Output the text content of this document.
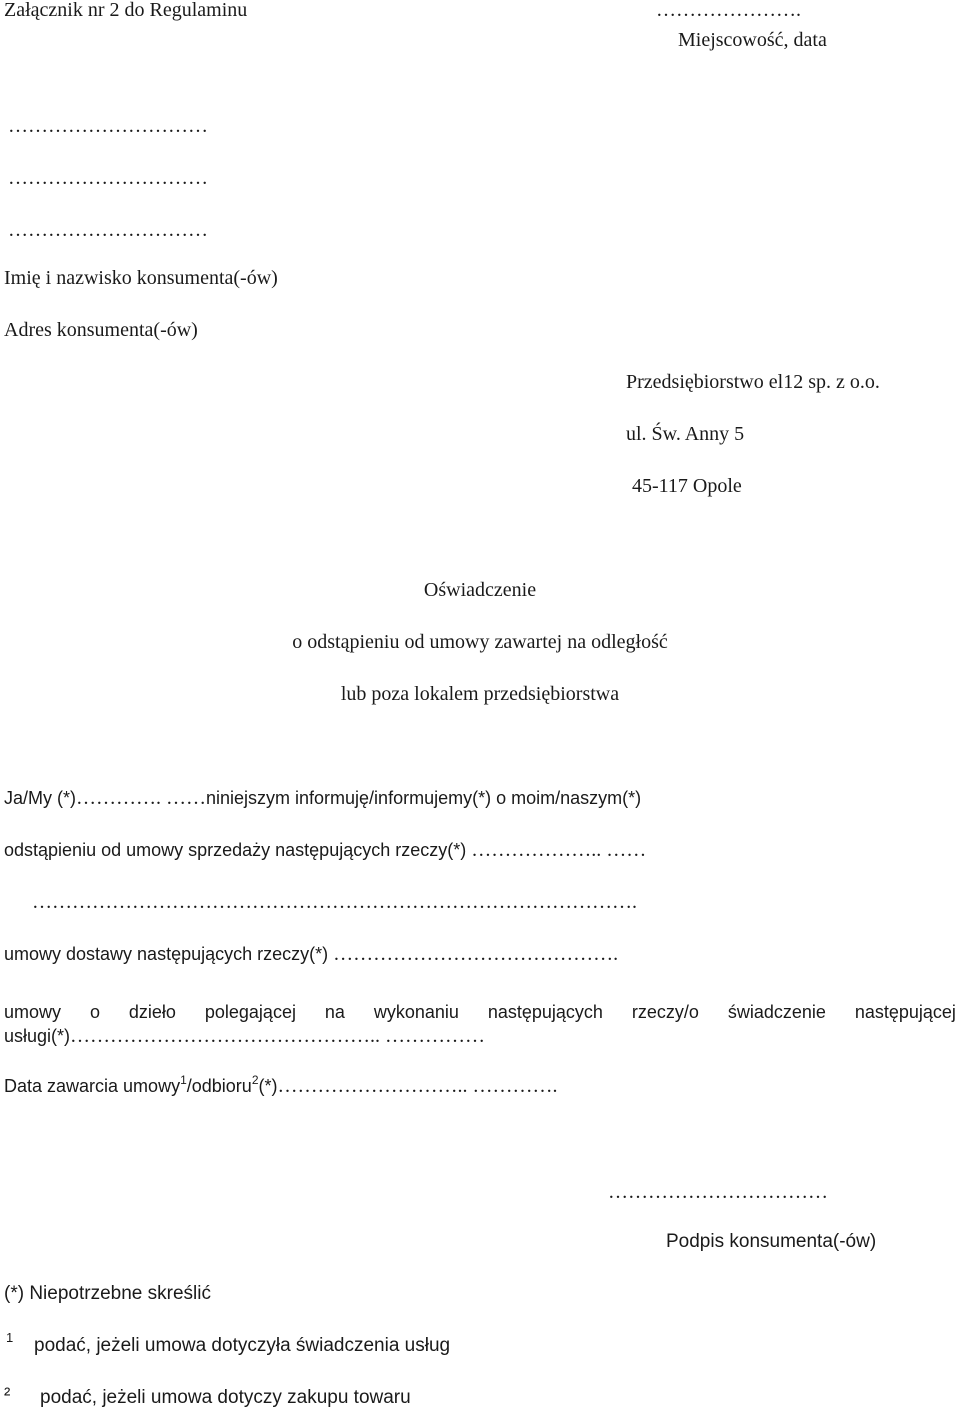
Załącznik nr 2 do Regulaminu	………………….
Miejscowość, data
…………………………
…………………………
…………………………
Imię i nazwisko konsumenta(-ów)
Adres konsumenta(-ów)
Przedsiębiorstwo el12 sp. z o.o.
ul. Św. Anny 5
45-117 Opole
Oświadczenie
o odstąpieniu od umowy zawartej na odległość
lub poza lokalem przedsiębiorstwa
Ja/My (*)…………. ……niniejszym informuję/informujemy(*) o moim/naszym(*)
odstąpieniu od umowy sprzedaży następujących rzeczy(*) ……………….. ……
……………………………………………………………………………….
umowy dostawy następujących rzeczy(*) …………………………………….
umowy o dzieło polegającej na wykonaniu następujących rzeczy/o świadczenie następującej
usługi(*)……………………………………….. ……………
Data zawarcia umowy$^1$/odbioru$^2$(*)……………………….. ………….
……………………………
Podpis konsumenta(-ów)
(*) Niepotrzebne skreślić
1 podać, jeżeli umowa dotyczyła świadczenia usług
² podać, jeżeli umowa dotyczy zakupu towaru
